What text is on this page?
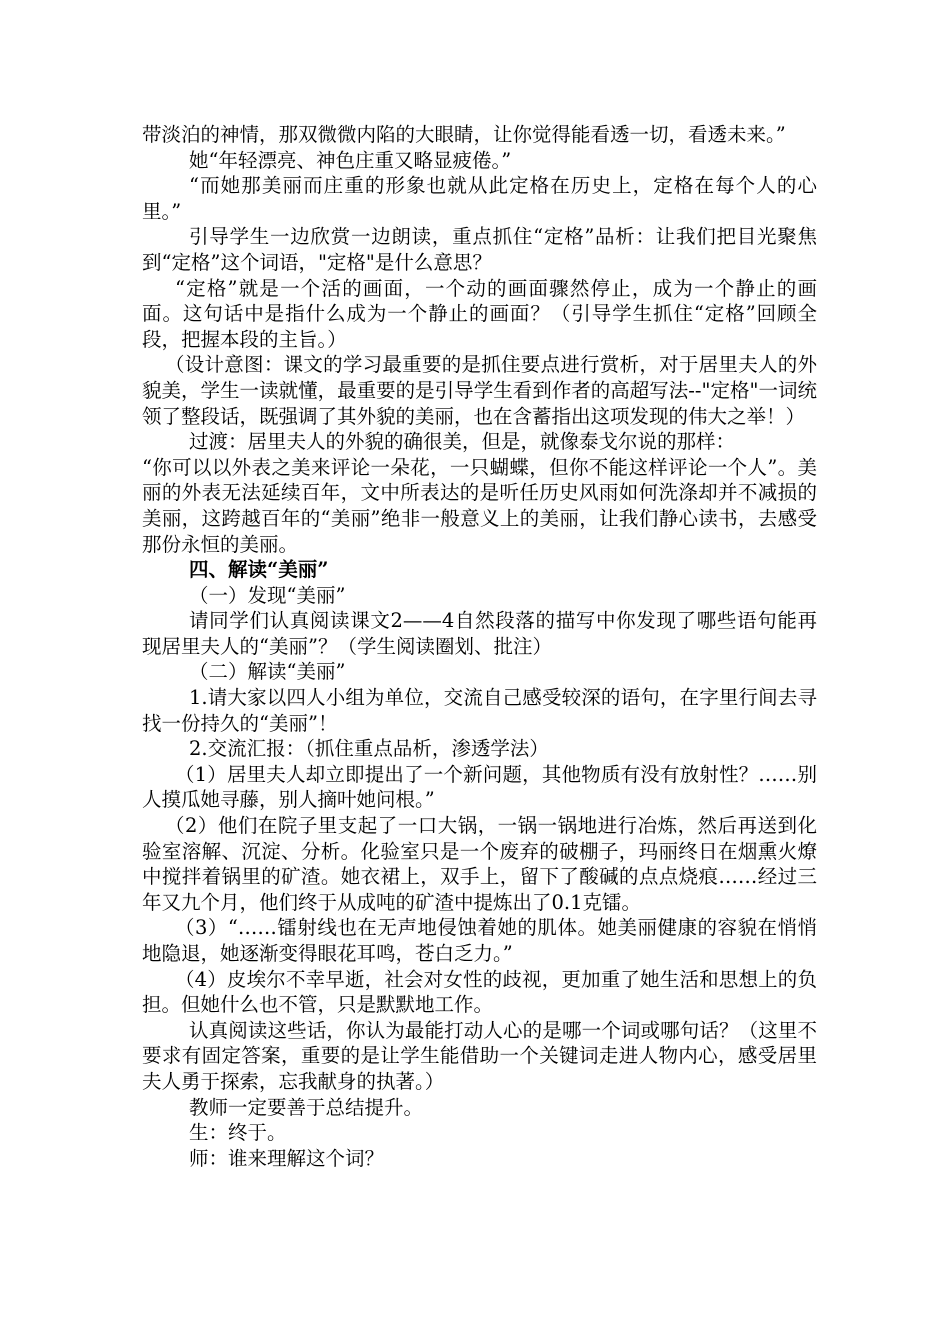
带淡泊的神情，那双微微内陷的大眼睛，让你觉得能看透一切，看透未来。”

她“年轻漂亮、神色庄重又略显疲倦。”

“而她那美丽而庄重的形象也就从此定格在历史上，定格在每个人的心里。”

引导学生一边欣赏一边朗读，重点抓住“定格”品析：让我们把目光聚焦到“定格”这个词语，"定格"是什么意思？

“定格”就是一个活的画面，一个动的画面骤然停止，成为一个静止的画面。这句话中是指什么成为一个静止的画面？（引导学生抓住“定格”回顾全段，把握本段的主旨。）

（设计意图：课文的学习最重要的是抓住要点进行赏析，对于居里夫人的外貌美，学生一读就懂，最重要的是引导学生看到作者的高超写法--"定格"一词统领了整段话，既强调了其外貌的美丽，也在含蓄指出这项发现的伟大之举！）

过渡：居里夫人的外貌的确很美，但是，就像泰戈尔说的那样：

“你可以以外表之美来评论一朵花，一只蝴蝶，但你不能这样评论一个人”。美丽的外表无法延续百年，文中所表达的是听任历史风雨如何洗涤却并不减损的美丽，这跨越百年的“美丽”绝非一般意义上的美丽，让我们静心读书，去感受那份永恒的美丽。

四、解读“美丽”

（一）发现“美丽”

请同学们认真阅读课文2——4自然段落的描写中你发现了哪些语句能再现居里夫人的“美丽”？（学生阅读圈划、批注）

（二）解读“美丽”

1.请大家以四人小组为单位，交流自己感受较深的语句，在字里行间去寻找一份持久的“美丽”！

2.交流汇报：（抓住重点品析，渗透学法）

（1）居里夫人却立即提出了一个新问题，其他物质有没有放射性？……别人摸瓜她寻藤，别人摘叶她问根。”

（2）他们在院子里支起了一口大锅，一锅一锅地进行冶炼，然后再送到化验室溶解、沉淀、分析。化验室只是一个废弃的破棚子，玛丽终日在烟熏火燎中搅拌着锅里的矿渣。她衣裙上，双手上，留下了酸碱的点点烧痕……经过三年又九个月，他们终于从成吨的矿渣中提炼出了0.1克镭。

（3）“……镭射线也在无声地侵蚀着她的肌体。她美丽健康的容貌在悄悄地隐退，她逐渐变得眼花耳鸣，苍白乏力。”

（4）皮埃尔不幸早逝，社会对女性的歧视，更加重了她生活和思想上的负担。但她什么也不管，只是默默地工作。

认真阅读这些话，你认为最能打动人心的是哪一个词或哪句话？（这里不要求有固定答案，重要的是让学生能借助一个关键词走进人物内心，感受居里夫人勇于探索，忘我献身的执著。）

教师一定要善于总结提升。

生：终于。

师：谁来理解这个词？
